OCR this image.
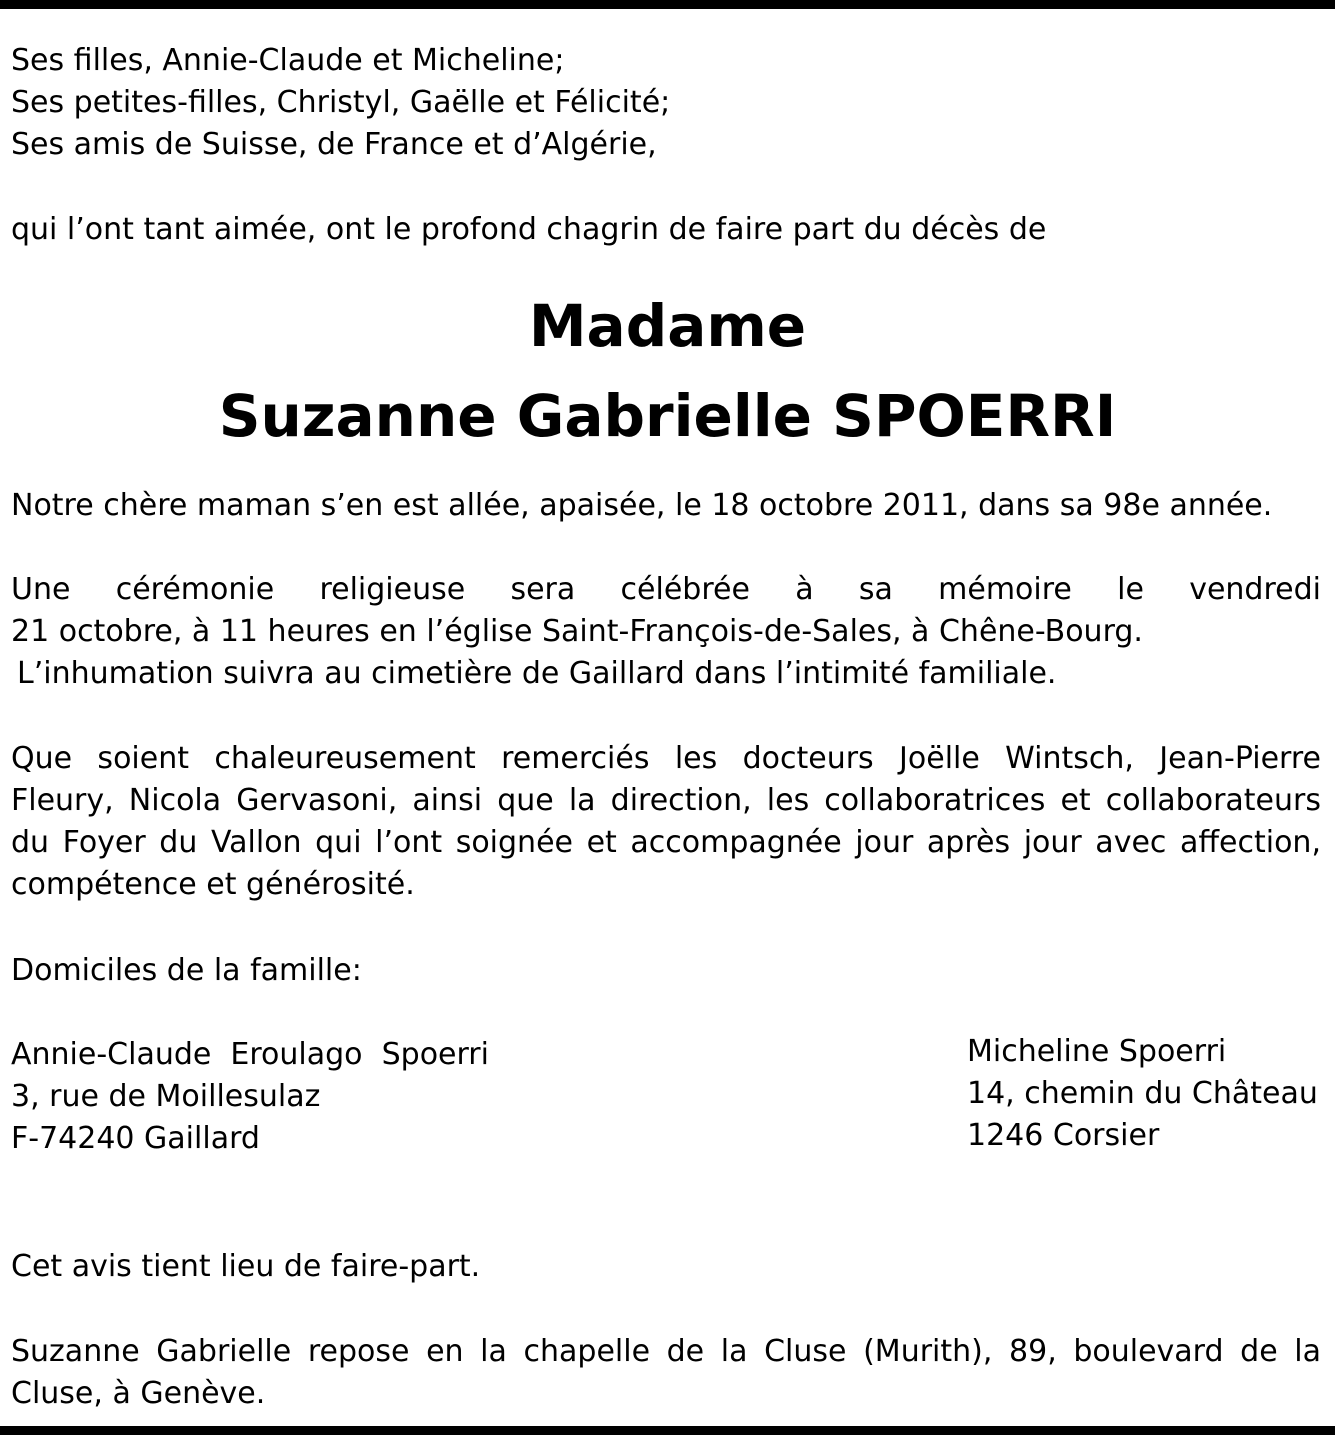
Ses filles, Annie-Claude et Micheline;
Ses petites-filles, Christyl, Gaëlle et Félicité;
Ses amis de Suisse, de France et d’Algérie,
qui l’ont tant aimée, ont le profond chagrin de faire part du décès de
Madame
Suzanne Gabrielle SPOERRI
Notre chère maman s’en est allée, apaisée, le 18 octobre 2011, dans sa 98e année.
Une cérémonie religieuse sera célébrée à sa mémoire le vendredi
21 octobre, à 11 heures en l’église Saint-François-de-Sales, à Chêne-Bourg.
L’inhumation suivra au cimetière de Gaillard dans l’intimité familiale.
Que soient chaleureusement remerciés les docteurs Joëlle Wintsch, Jean-Pierre
Fleury, Nicola Gervasoni, ainsi que la direction, les collaboratrices et collaborateurs
du Foyer du Vallon qui l’ont soignée et accompagnée jour après jour avec affection,
compétence et générosité.
Domiciles de la famille:
Annie-Claude  Eroulago  Spoerri
3, rue de Moillesulaz
F-74240 Gaillard
Micheline Spoerri
14, chemin du Château
1246 Corsier
Cet avis tient lieu de faire-part.
Suzanne Gabrielle repose en la chapelle de la Cluse (Murith), 89, boulevard de la
Cluse, à Genève.
